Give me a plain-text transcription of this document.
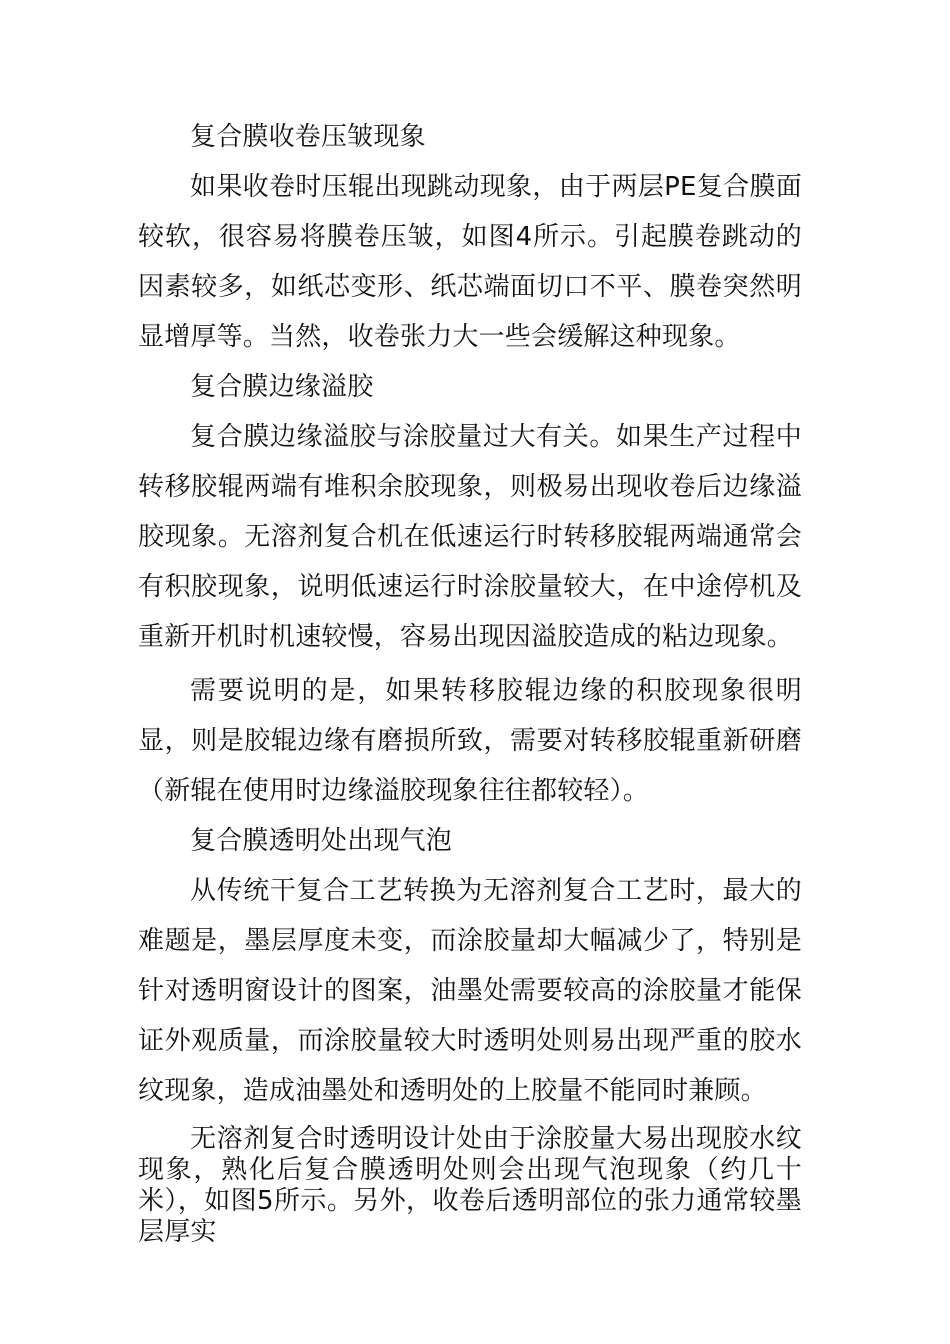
复合膜收卷压皱现象

如果收卷时压辊出现跳动现象，由于两层PE复合膜面较软，很容易将膜卷压皱，如图4所示。引起膜卷跳动的因素较多，如纸芯变形、纸芯端面切口不平、膜卷突然明显增厚等。当然，收卷张力大一些会缓解这种现象。

复合膜边缘溢胶

复合膜边缘溢胶与涂胶量过大有关。如果生产过程中转移胶辊两端有堆积余胶现象，则极易出现收卷后边缘溢胶现象。无溶剂复合机在低速运行时转移胶辊两端通常会有积胶现象，说明低速运行时涂胶量较大，在中途停机及重新开机时机速较慢，容易出现因溢胶造成的粘边现象。

需要说明的是，如果转移胶辊边缘的积胶现象很明显，则是胶辊边缘有磨损所致，需要对转移胶辊重新研磨（新辊在使用时边缘溢胶现象往往都较轻）。

复合膜透明处出现气泡

从传统干复合工艺转换为无溶剂复合工艺时，最大的难题是，墨层厚度未变，而涂胶量却大幅减少了，特别是针对透明窗设计的图案，油墨处需要较高的涂胶量才能保证外观质量，而涂胶量较大时透明处则易出现严重的胶水纹现象，造成油墨处和透明处的上胶量不能同时兼顾。

无溶剂复合时透明设计处由于涂胶量大易出现胶水纹现象，熟化后复合膜透明处则会出现气泡现象（约几十米），如图5所示。另外，收卷后透明部位的张力通常较墨层厚实
